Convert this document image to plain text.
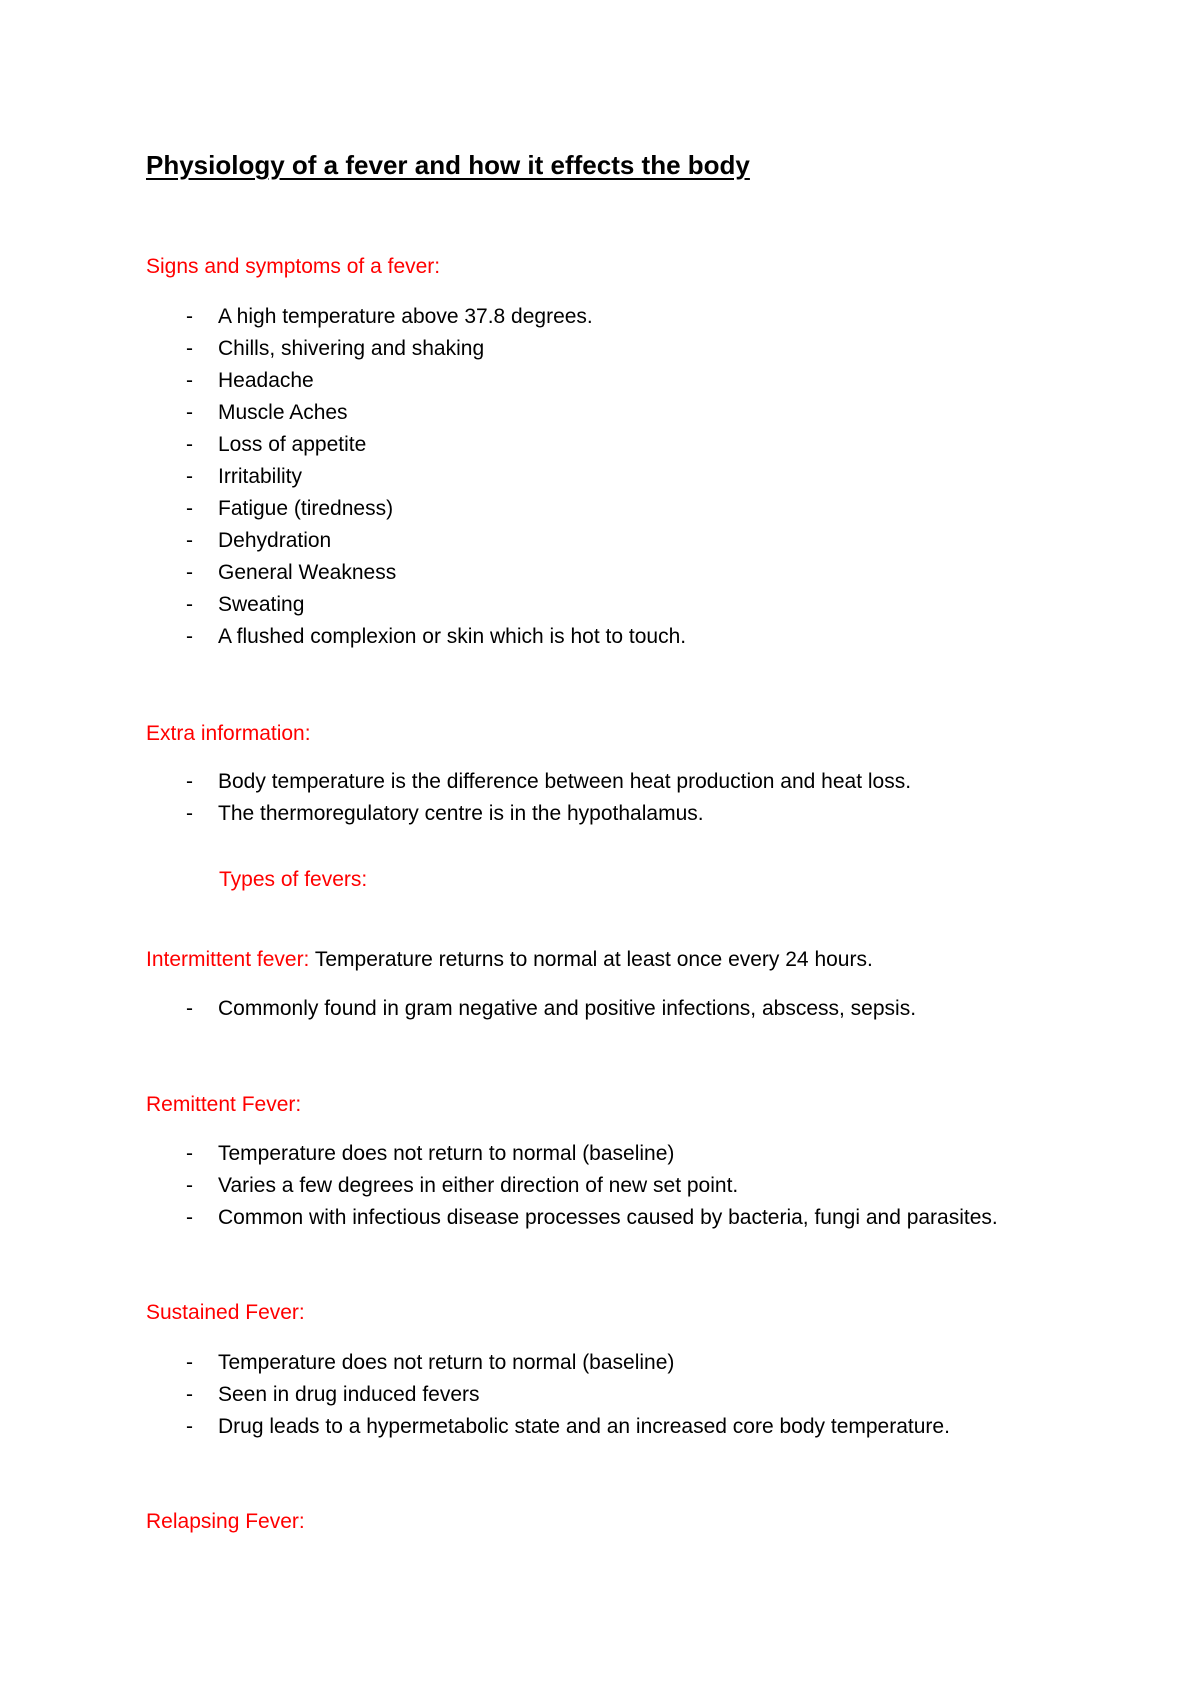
Physiology of a fever and how it effects the body
Signs and symptoms of a fever:
- A high temperature above 37.8 degrees.
- Chills, shivering and shaking
- Headache
- Muscle Aches
- Loss of appetite
- Irritability
- Fatigue (tiredness)
- Dehydration
- General Weakness
- Sweating
- A flushed complexion or skin which is hot to touch.
Extra information:
- Body temperature is the difference between heat production and heat loss.
- The thermoregulatory centre is in the hypothalamus.
Types of fevers:
Intermittent fever: Temperature returns to normal at least once every 24 hours.
- Commonly found in gram negative and positive infections, abscess, sepsis.
Remittent Fever:
- Temperature does not return to normal (baseline)
- Varies a few degrees in either direction of new set point.
- Common with infectious disease processes caused by bacteria, fungi and parasites.
Sustained Fever:
- Temperature does not return to normal (baseline)
- Seen in drug induced fevers
- Drug leads to a hypermetabolic state and an increased core body temperature.
Relapsing Fever:
